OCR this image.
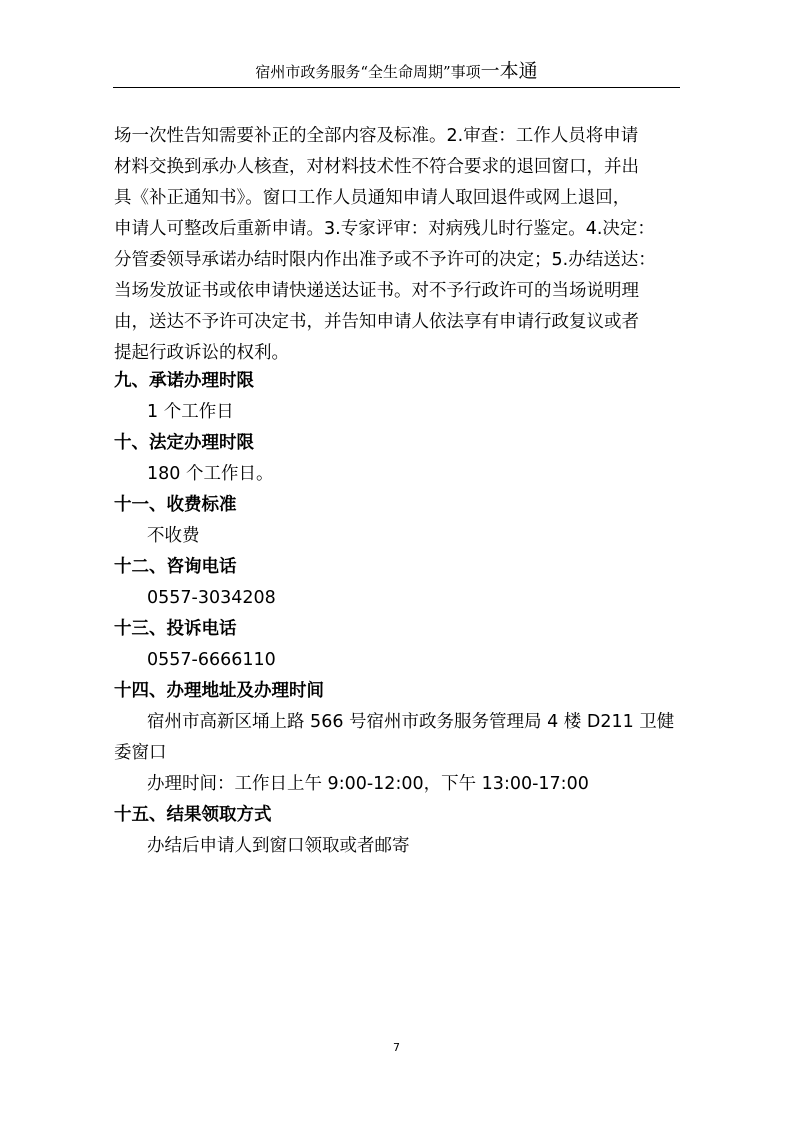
宿州市政务服务“全生命周期”事项一本通
场一次性告知需要补正的全部内容及标准。2.审查：工作人员将申请
材料交换到承办人核查，对材料技术性不符合要求的退回窗口，并出
具《补正通知书》。窗口工作人员通知申请人取回退件或网上退回，
申请人可整改后重新申请。3.专家评审：对病残儿时行鉴定。4.决定：
分管委领导承诺办结时限内作出准予或不予许可的决定；5.办结送达：
当场发放证书或依申请快递送达证书。对不予行政许可的当场说明理
由，送达不予许可决定书，并告知申请人依法享有申请行政复议或者
提起行政诉讼的权利。
九、承诺办理时限
1 个工作日
十、法定办理时限
180 个工作日。
十一、收费标准
不收费
十二、咨询电话
0557-3034208
十三、投诉电话
0557-6666110
十四、办理地址及办理时间
宿州市高新区埇上路 566 号宿州市政务服务管理局 4 楼 D211 卫健
委窗口
办理时间：工作日上午 9:00-12:00，下午 13:00-17:00
十五、结果领取方式
办结后申请人到窗口领取或者邮寄
7
